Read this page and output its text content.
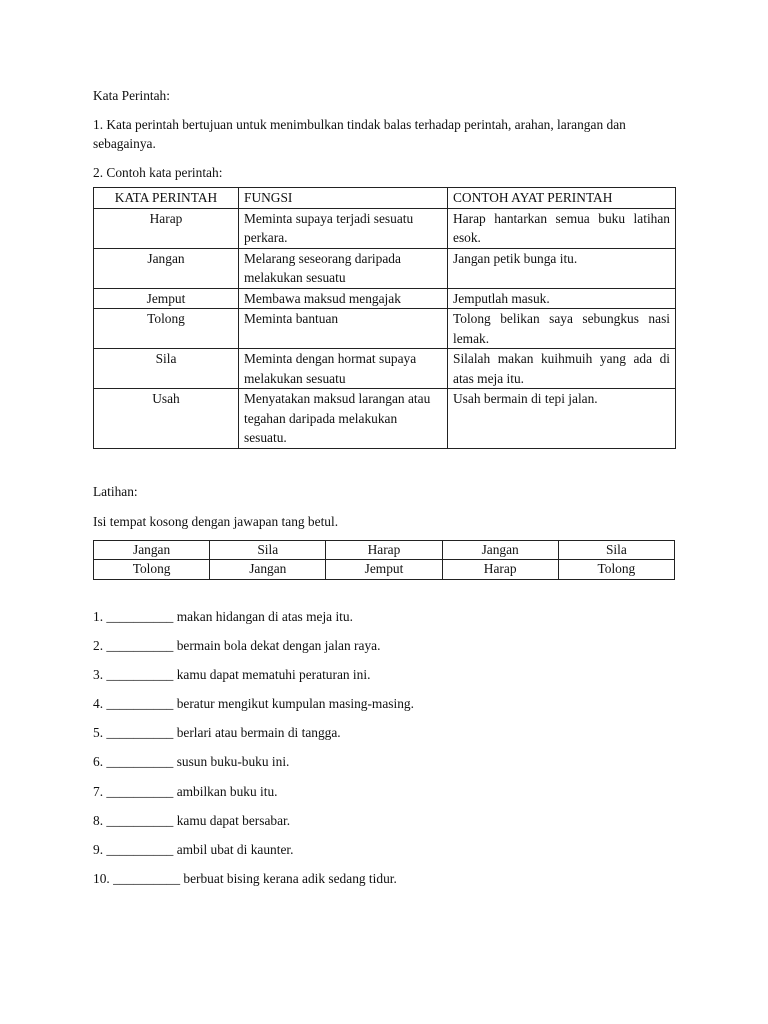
Kata Perintah:

1. Kata perintah bertujuan untuk menimbulkan tindak balas terhadap perintah, arahan, larangan dan sebagainya.

2. Contoh kata perintah:

KATA PERINTAH	FUNGSI	CONTOH AYAT PERINTAH
Harap	Meminta supaya terjadi sesuatu perkara.	Harap hantarkan semua buku latihan esok.
Jangan	Melarang seseorang daripada melakukan sesuatu	Jangan petik bunga itu.
Jemput	Membawa maksud mengajak	Jemputlah masuk.
Tolong	Meminta bantuan	Tolong belikan saya sebungkus nasi lemak.
Sila	Meminta dengan hormat supaya melakukan sesuatu	Silalah makan kuihmuih yang ada di atas meja itu.
Usah	Menyatakan maksud larangan atau tegahan daripada melakukan sesuatu.	Usah bermain di tepi jalan.

Latihan:

Isi tempat kosong dengan jawapan tang betul.

Jangan	Sila	Harap	Jangan	Sila
Tolong	Jangan	Jemput	Harap	Tolong

1. __________ makan hidangan di atas meja itu.

2. __________ bermain bola dekat dengan jalan raya.

3. __________ kamu dapat mematuhi peraturan ini.

4. __________ beratur mengikut kumpulan masing-masing.

5. __________ berlari atau bermain di tangga.

6. __________ susun buku-buku ini.

7. __________ ambilkan buku itu.

8. __________ kamu dapat bersabar.

9. __________ ambil ubat di kaunter.

10. __________ berbuat bising kerana adik sedang tidur.
